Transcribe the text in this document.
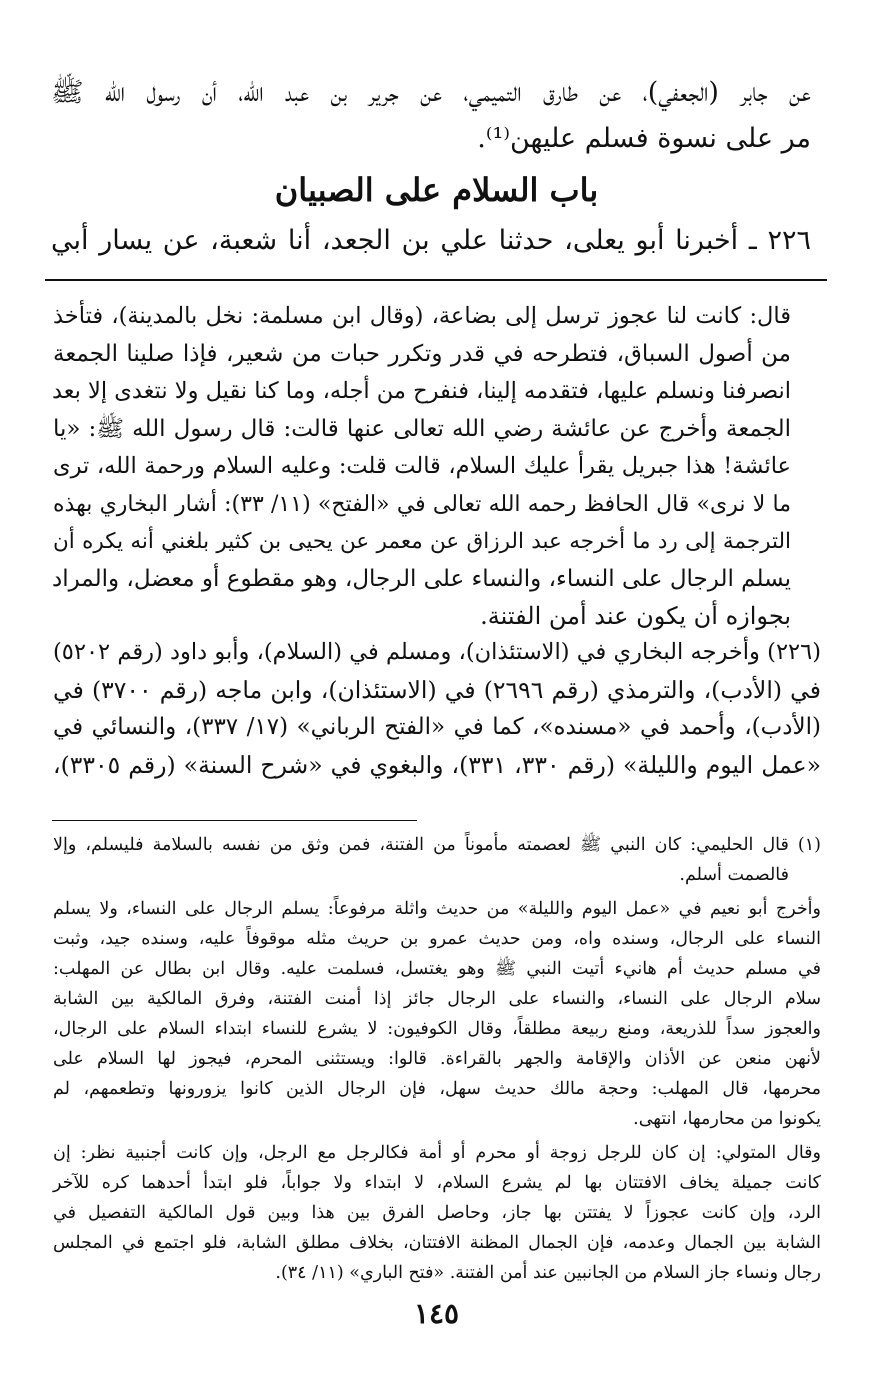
عن جابر (الجعفي)، عن طارق التميمي، عن جرير بن عبد الله، أن رسول الله ﷺ
مر على نسوة فسلم عليهن⁽¹⁾.
باب السلام على الصبيان
٢٢٦ ـ أخبرنا أبو يعلى، حدثنا علي بن الجعد، أنا شعبة، عن يسار أبي
قال: كانت لنا عجوز ترسل إلى بضاعة، (وقال ابن مسلمة: نخل بالمدينة)، فتأخذ
من أصول السباق، فتطرحه في قدر وتكرر حبات من شعير، فإذا صلينا الجمعة
انصرفنا ونسلم عليها، فتقدمه إلينا، فنفرح من أجله، وما كنا نقيل ولا نتغدى إلا بعد
الجمعة وأخرج عن عائشة رضي الله تعالى عنها قالت: قال رسول الله ﷺ: «يا
عائشة! هذا جبريل يقرأ عليك السلام، قالت قلت: وعليه السلام ورحمة الله، ترى
ما لا نرى» قال الحافظ رحمه الله تعالى في «الفتح» (١١/ ٣٣): أشار البخاري بهذه
الترجمة إلى رد ما أخرجه عبد الرزاق عن معمر عن يحيى بن كثير بلغني أنه يكره أن
يسلم الرجال على النساء، والنساء على الرجال، وهو مقطوع أو معضل، والمراد
بجوازه أن يكون عند أمن الفتنة.
(٢٢٦) وأخرجه البخاري في (الاستئذان)، ومسلم في (السلام)، وأبو داود (رقم ٥٢٠٢)
في (الأدب)، والترمذي (رقم ٢٦٩٦) في (الاستئذان)، وابن ماجه (رقم ٣٧٠٠) في
(الأدب)، وأحمد في «مسنده»، كما في «الفتح الرباني» (١٧/ ٣٣٧)، والنسائي في
«عمل اليوم والليلة» (رقم ٣٣٠، ٣٣١)، والبغوي في «شرح السنة» (رقم ٣٣٠٥)،
(١) قال الحليمي: كان النبي ﷺ لعصمته مأموناً من الفتنة، فمن وثق من نفسه بالسلامة فليسلم، وإلا
فالصمت أسلم.
وأخرج أبو نعيم في «عمل اليوم والليلة» من حديث واثلة مرفوعاً: يسلم الرجال على النساء، ولا يسلم
النساء على الرجال، وسنده واه، ومن حديث عمرو بن حريث مثله موقوفاً عليه، وسنده جيد، وثبت
في مسلم حديث أم هانيء أتيت النبي ﷺ وهو يغتسل، فسلمت عليه. وقال ابن بطال عن المهلب:
سلام الرجال على النساء، والنساء على الرجال جائز إذا أمنت الفتنة، وفرق المالكية بين الشابة
والعجوز سداً للذريعة، ومنع ربيعة مطلقاً، وقال الكوفيون: لا يشرع للنساء ابتداء السلام على الرجال،
لأنهن منعن عن الأذان والإقامة والجهر بالقراءة. قالوا: ويستثنى المحرم، فيجوز لها السلام على
محرمها، قال المهلب: وحجة مالك حديث سهل، فإن الرجال الذين كانوا يزورونها وتطعمهم، لم
يكونوا من محارمها، انتهى.
وقال المتولي: إن كان للرجل زوجة أو محرم أو أمة فكالرجل مع الرجل، وإن كانت أجنبية نظر: إن
كانت جميلة يخاف الافتتان بها لم يشرع السلام، لا ابتداء ولا جواباً، فلو ابتدأ أحدهما كره للآخر
الرد، وإن كانت عجوزاً لا يفتتن بها جاز، وحاصل الفرق بين هذا وبين قول المالكية التفصيل في
الشابة بين الجمال وعدمه، فإن الجمال المظنة الافتتان، بخلاف مطلق الشابة، فلو اجتمع في المجلس
رجال ونساء جاز السلام من الجانبين عند أمن الفتنة. «فتح الباري» (١١/ ٣٤).
١٤٥
